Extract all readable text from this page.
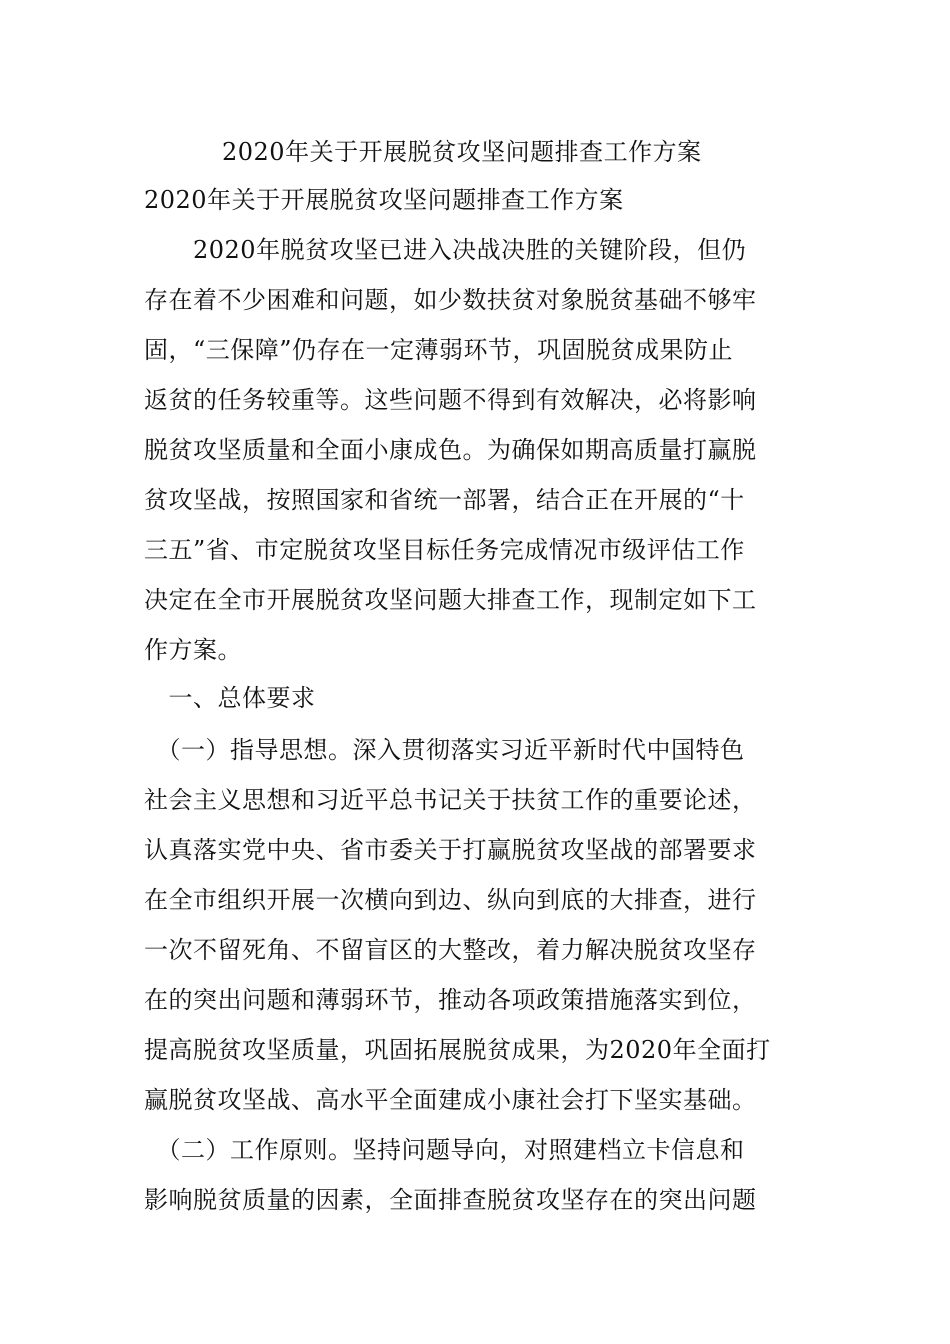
2020年关于开展脱贫攻坚问题排查工作方案
2020年关于开展脱贫攻坚问题排查工作方案
　　2020年脱贫攻坚已进入决战决胜的关键阶段，但仍
存在着不少困难和问题，如少数扶贫对象脱贫基础不够牢
固，“三保障”仍存在一定薄弱环节，巩固脱贫成果防止
返贫的任务较重等。这些问题不得到有效解决，必将影响
脱贫攻坚质量和全面小康成色。为确保如期高质量打赢脱
贫攻坚战，按照国家和省统一部署，结合正在开展的“十
三五”省、市定脱贫攻坚目标任务完成情况市级评估工作
决定在全市开展脱贫攻坚问题大排查工作，现制定如下工
作方案。
　一、总体要求
　（一）指导思想。深入贯彻落实习近平新时代中国特色
社会主义思想和习近平总书记关于扶贫工作的重要论述，
认真落实党中央、省市委关于打赢脱贫攻坚战的部署要求
在全市组织开展一次横向到边、纵向到底的大排查，进行
一次不留死角、不留盲区的大整改，着力解决脱贫攻坚存
在的突出问题和薄弱环节，推动各项政策措施落实到位，
提高脱贫攻坚质量，巩固拓展脱贫成果，为2020年全面打
赢脱贫攻坚战、高水平全面建成小康社会打下坚实基础。
　（二）工作原则。坚持问题导向，对照建档立卡信息和
影响脱贫质量的因素，全面排查脱贫攻坚存在的突出问题
